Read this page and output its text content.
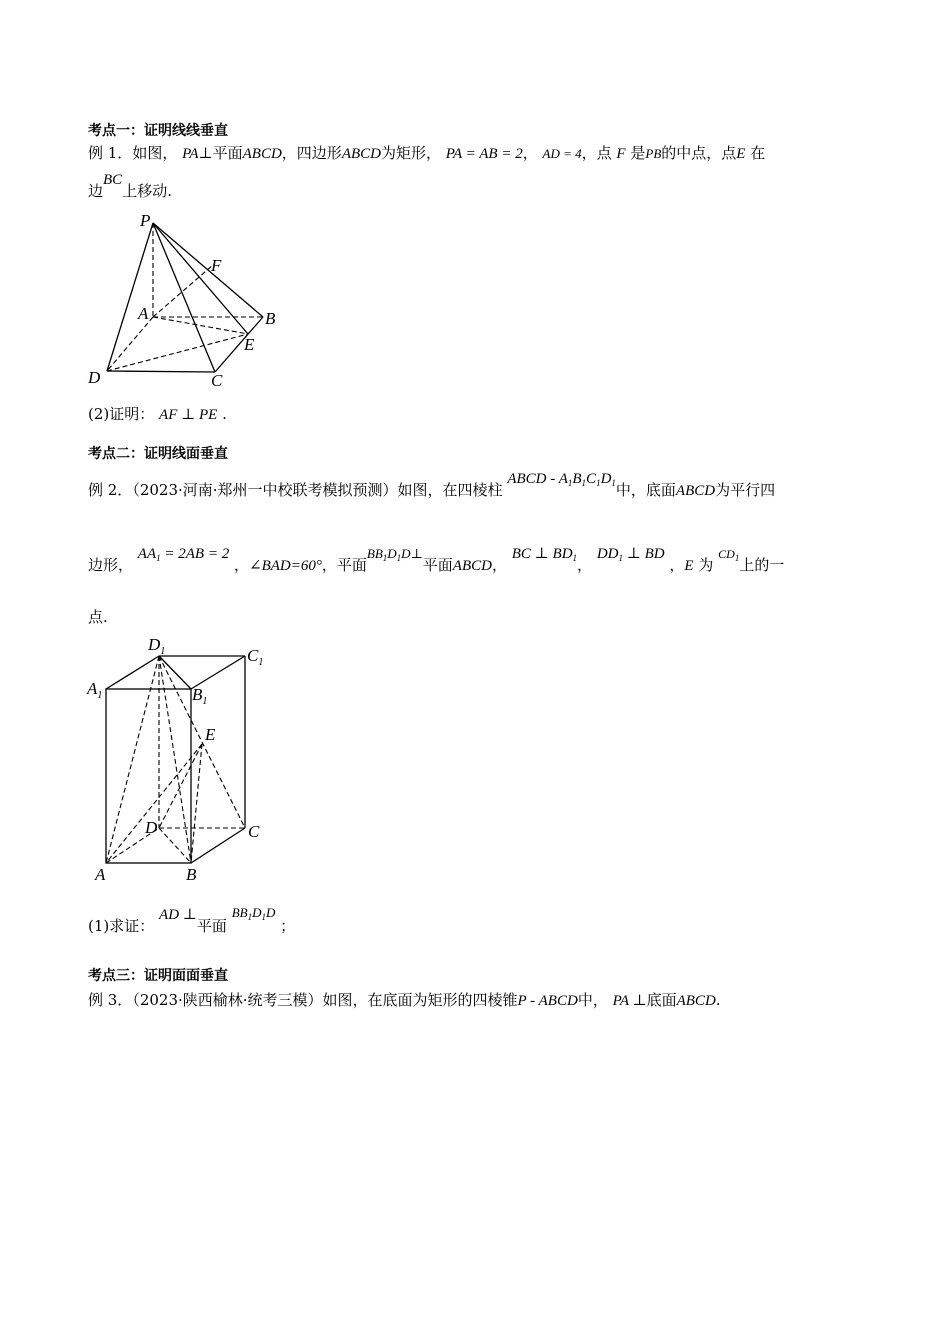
考点一：证明线线垂直
例 1．如图， PA⊥平面ABCD，四边形ABCD为矩形， PA = AB = 2， AD = 4，点 F 是PB的中点，点E 在
边BC上移动.
P
F
A	B
E
D	C
(2)证明： AF ⊥ PE .
考点二：证明线面垂直
例 2．（2023·河南·郑州一中校联考模拟预测）如图，在四棱柱 ABCD - $A_1B_1C_1D_1$中，底面ABCD为平行四
边形， $AA_1 = 2AB = 2$ ，∠BAD=60°，平面$BB_1D_1D\perp$平面ABCD， BC ⊥ $BD_1$， $DD_1$ ⊥ BD ，E 为 $^{CD_1}$上的一
点.
$D_1$	$C_1$
$A_1$	$B_1$
E
D	C
A	B
(1)求证： AD ⊥平面 $BB_1D_1D$ ；
考点三：证明面面垂直
例 3．（2023·陕西榆林·统考三模）如图，在底面为矩形的四棱锥P - ABCD中， PA ⊥底面ABCD.
